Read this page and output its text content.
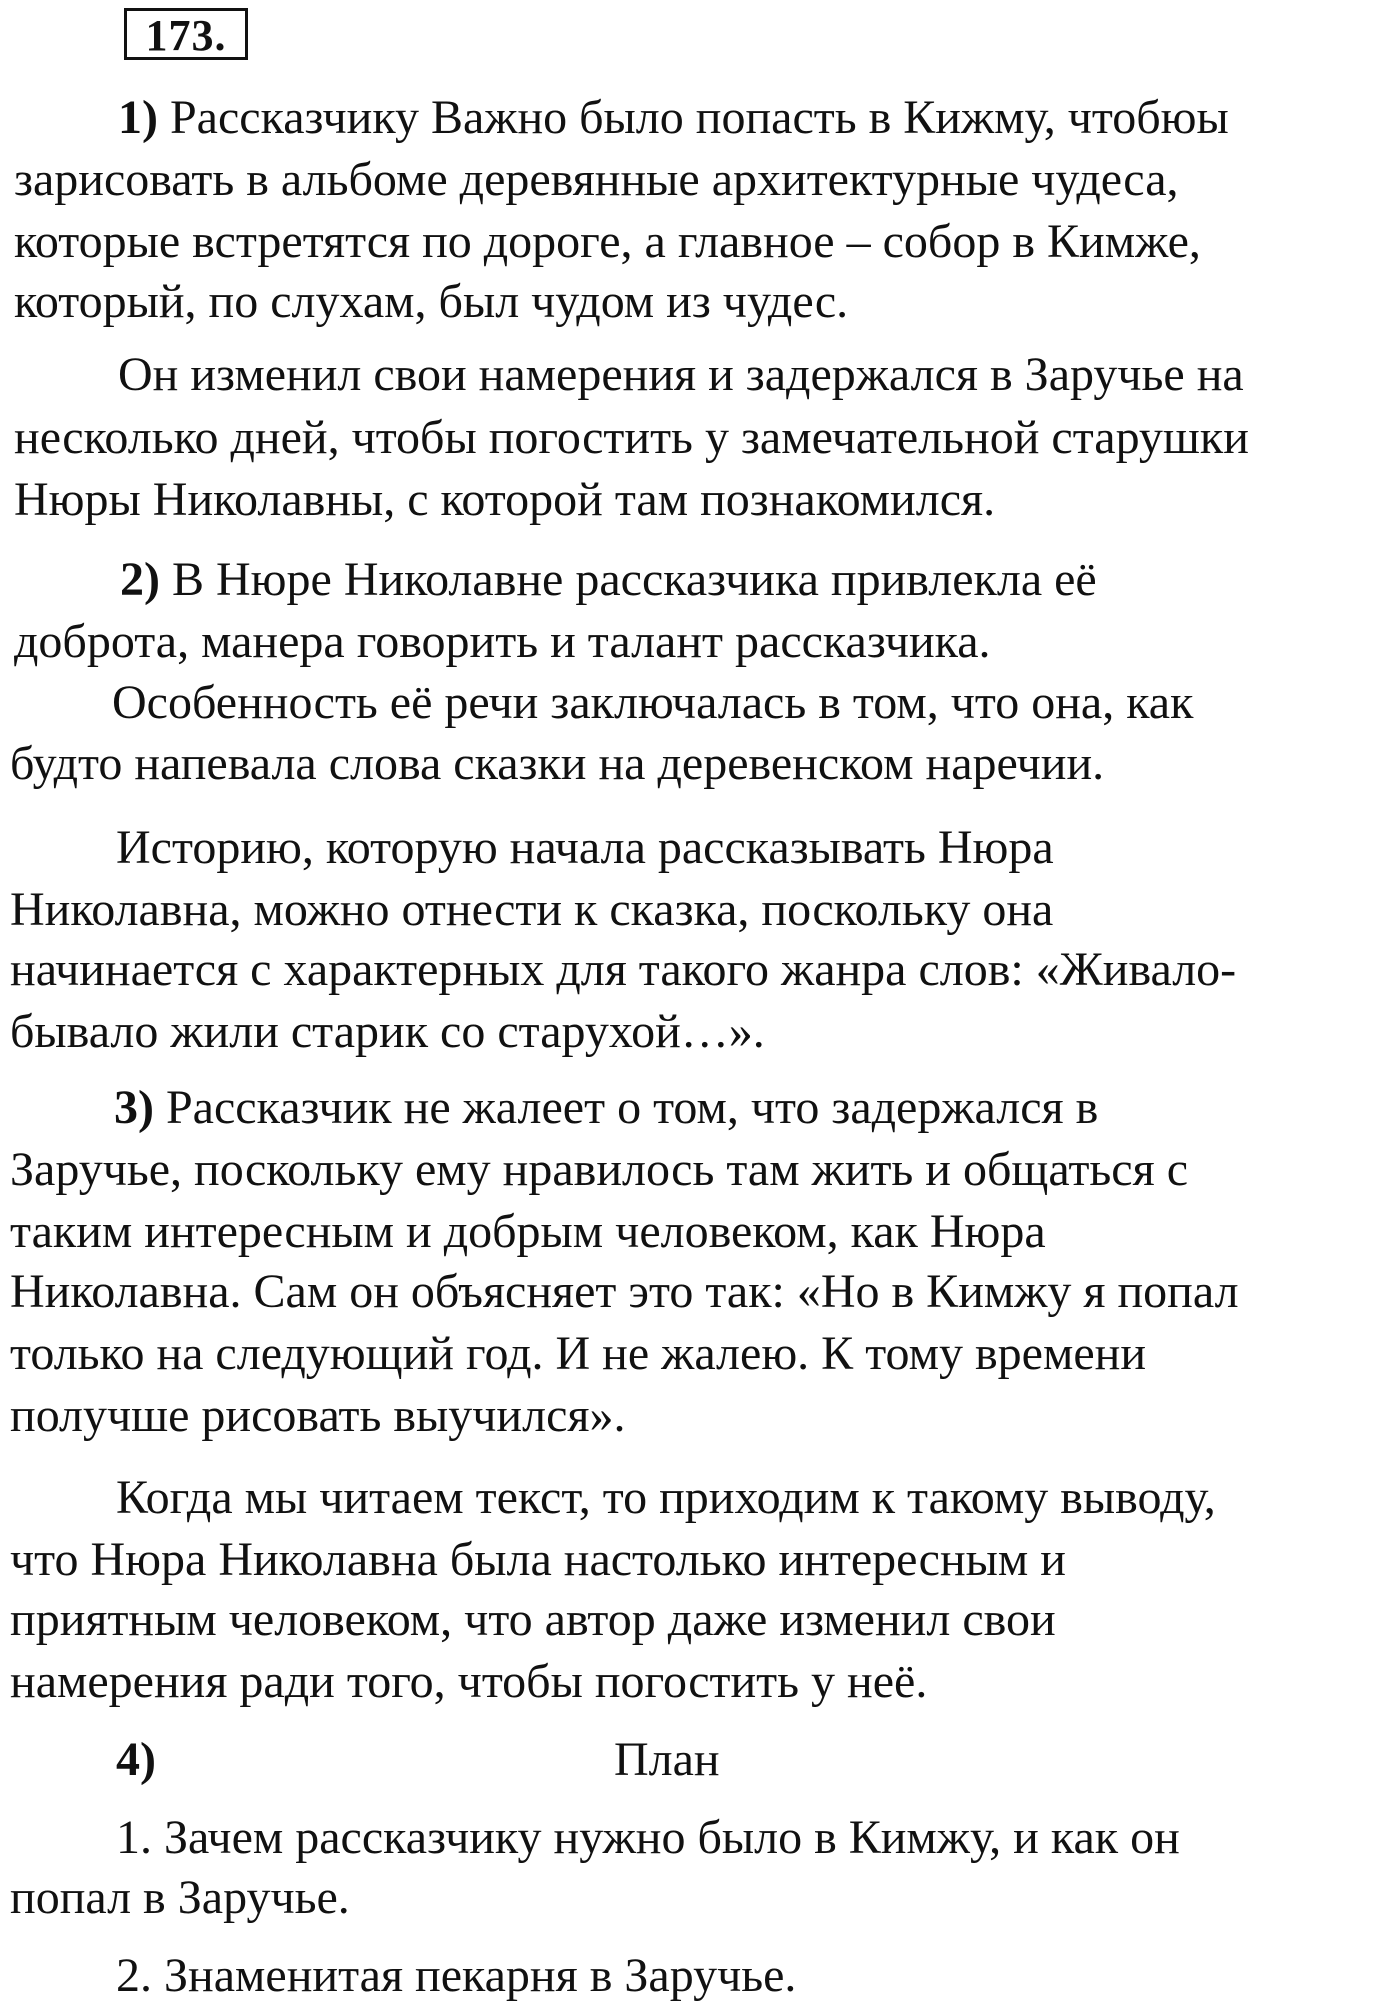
173.
1) Рассказчику Важно было попасть в Кижму, чтобюы
зарисовать в альбоме деревянные архитектурные чудеса,
которые встретятся по дороге, а главное – собор в Кимже,
который, по слухам, был чудом из чудес.
Он изменил свои намерения и задержался в Заручье на
несколько дней, чтобы погостить у замечательной старушки
Нюры Николавны, с которой там познакомился.
2) В Нюре Николавне рассказчика привлекла её
доброта, манера говорить и талант рассказчика.
Особенность её речи заключалась в том, что она, как
будто напевала слова сказки на деревенском наречии.
Историю, которую начала рассказывать Нюра
Николавна, можно отнести к сказка, поскольку она
начинается с характерных для такого жанра слов: «Живало-
бывало жили старик со старухой…».
3) Рассказчик не жалеет о том, что задержался в
Заручье, поскольку ему нравилось там жить и общаться с
таким интересным и добрым человеком, как Нюра
Николавна. Сам он объясняет это так: «Но в Кимжу я попал
только на следующий год. И не жалею. К тому времени
получше рисовать выучился».
Когда мы читаем текст, то приходим к такому выводу,
что Нюра Николавна была настолько интересным и
приятным человеком, что автор даже изменил свои
намерения ради того, чтобы погостить у неё.
4)	План
1. Зачем рассказчику нужно было в Кимжу, и как он
попал в Заручье.
2. Знаменитая пекарня в Заручье.
